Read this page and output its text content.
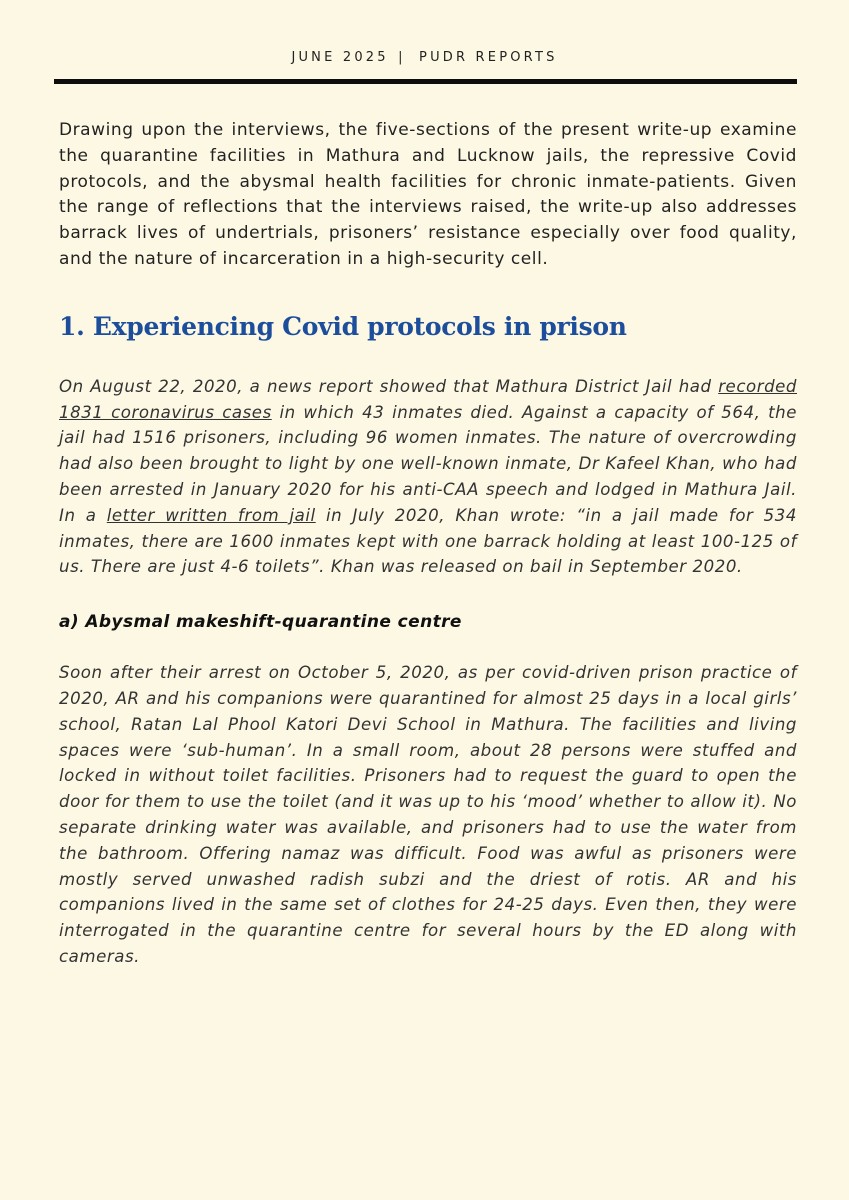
JUNE 2025 | PUDR REPORTS

Drawing upon the interviews, the five-sections of the present write-up examine the quarantine facilities in Mathura and Lucknow jails, the repressive Covid protocols, and the abysmal health facilities for chronic inmate-patients. Given the range of reflections that the interviews raised, the write-up also addresses barrack lives of undertrials, prisoners’ resistance especially over food quality, and the nature of incarceration in a high-security cell.

1. Experiencing Covid protocols in prison

On August 22, 2020, a news report showed that Mathura District Jail had recorded 1831 coronavirus cases in which 43 inmates died. Against a capacity of 564, the jail had 1516 prisoners, including 96 women inmates. The nature of overcrowding had also been brought to light by one well-known inmate, Dr Kafeel Khan, who had been arrested in January 2020 for his anti-CAA speech and lodged in Mathura Jail. In a letter written from jail in July 2020, Khan wrote: “in a jail made for 534 inmates, there are 1600 inmates kept with one barrack holding at least 100-125 of us. There are just 4-6 toilets”. Khan was released on bail in September 2020.

a) Abysmal makeshift-quarantine centre

Soon after their arrest on October 5, 2020, as per covid-driven prison practice of 2020, AR and his companions were quarantined for almost 25 days in a local girls’ school, Ratan Lal Phool Katori Devi School in Mathura. The facilities and living spaces were ‘sub-human’. In a small room, about 28 persons were stuffed and locked in without toilet facilities. Prisoners had to request the guard to open the door for them to use the toilet (and it was up to his ‘mood’ whether to allow it). No separate drinking water was available, and prisoners had to use the water from the bathroom. Offering namaz was difficult. Food was awful as prisoners were mostly served unwashed radish subzi and the driest of rotis. AR and his companions lived in the same set of clothes for 24-25 days. Even then, they were interrogated in the quarantine centre for several hours by the ED along with cameras.
